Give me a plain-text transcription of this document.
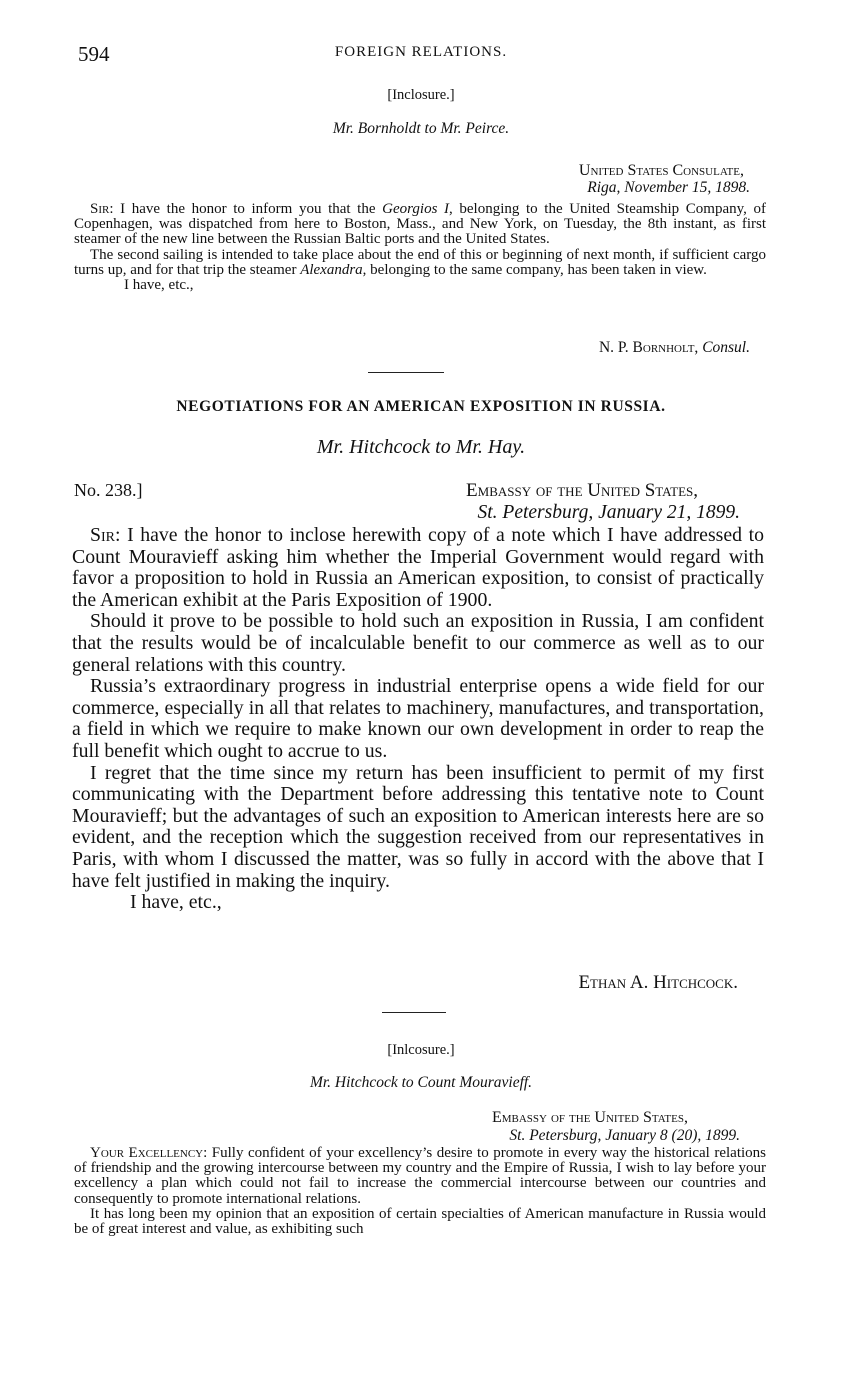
594	FOREIGN RELATIONS.
[Inclosure.]
Mr. Bornholdt to Mr. Peirce.
United States Consulate,
Riga, November 15, 1898.

Sir: I have the honor to inform you that the Georgios I, belonging to the United Steamship Company, of Copenhagen, was dispatched from here to Boston, Mass., and New York, on Tuesday, the 8th instant, as first steamer of the new line between the Russian Baltic ports and the United States.

The second sailing is intended to take place about the end of this or beginning of next month, if sufficient cargo turns up, and for that trip the steamer Alexandra, belonging to the same company, has been taken in view.

I have, etc.,

N. P. Bornholt, Consul.
NEGOTIATIONS FOR AN AMERICAN EXPOSITION IN RUSSIA.
Mr. Hitchcock to Mr. Hay.
No. 238.]	Embassy of the United States,
St. Petersburg, January 21, 1899.

Sir: I have the honor to inclose herewith copy of a note which I have addressed to Count Mouravieff asking him whether the Imperial Government would regard with favor a proposition to hold in Russia an American exposition, to consist of practically the American exhibit at the Paris Exposition of 1900.

Should it prove to be possible to hold such an exposition in Russia, I am confident that the results would be of incalculable benefit to our commerce as well as to our general relations with this country.

Russia’s extraordinary progress in industrial enterprise opens a wide field for our commerce, especially in all that relates to machinery, manufactures, and transportation, a field in which we require to make known our own development in order to reap the full benefit which ought to accrue to us.

I regret that the time since my return has been insufficient to permit of my first communicating with the Department before addressing this tentative note to Count Mouravieff; but the advantages of such an exposition to American interests here are so evident, and the reception which the suggestion received from our representatives in Paris, with whom I discussed the matter, was so fully in accord with the above that I have felt justified in making the inquiry.

I have, etc.,

Ethan A. Hitchcock.
[Inlcosure.]
Mr. Hitchcock to Count Mouravieff.
Embassy of the United States,
St. Petersburg, January 8 (20), 1899.

Your Excellency: Fully confident of your excellency’s desire to promote in every way the historical relations of friendship and the growing intercourse between my country and the Empire of Russia, I wish to lay before your excellency a plan which could not fail to increase the commercial intercourse between our countries and consequently to promote international relations.

It has long been my opinion that an exposition of certain specialties of American manufacture in Russia would be of great interest and value, as exhibiting such
